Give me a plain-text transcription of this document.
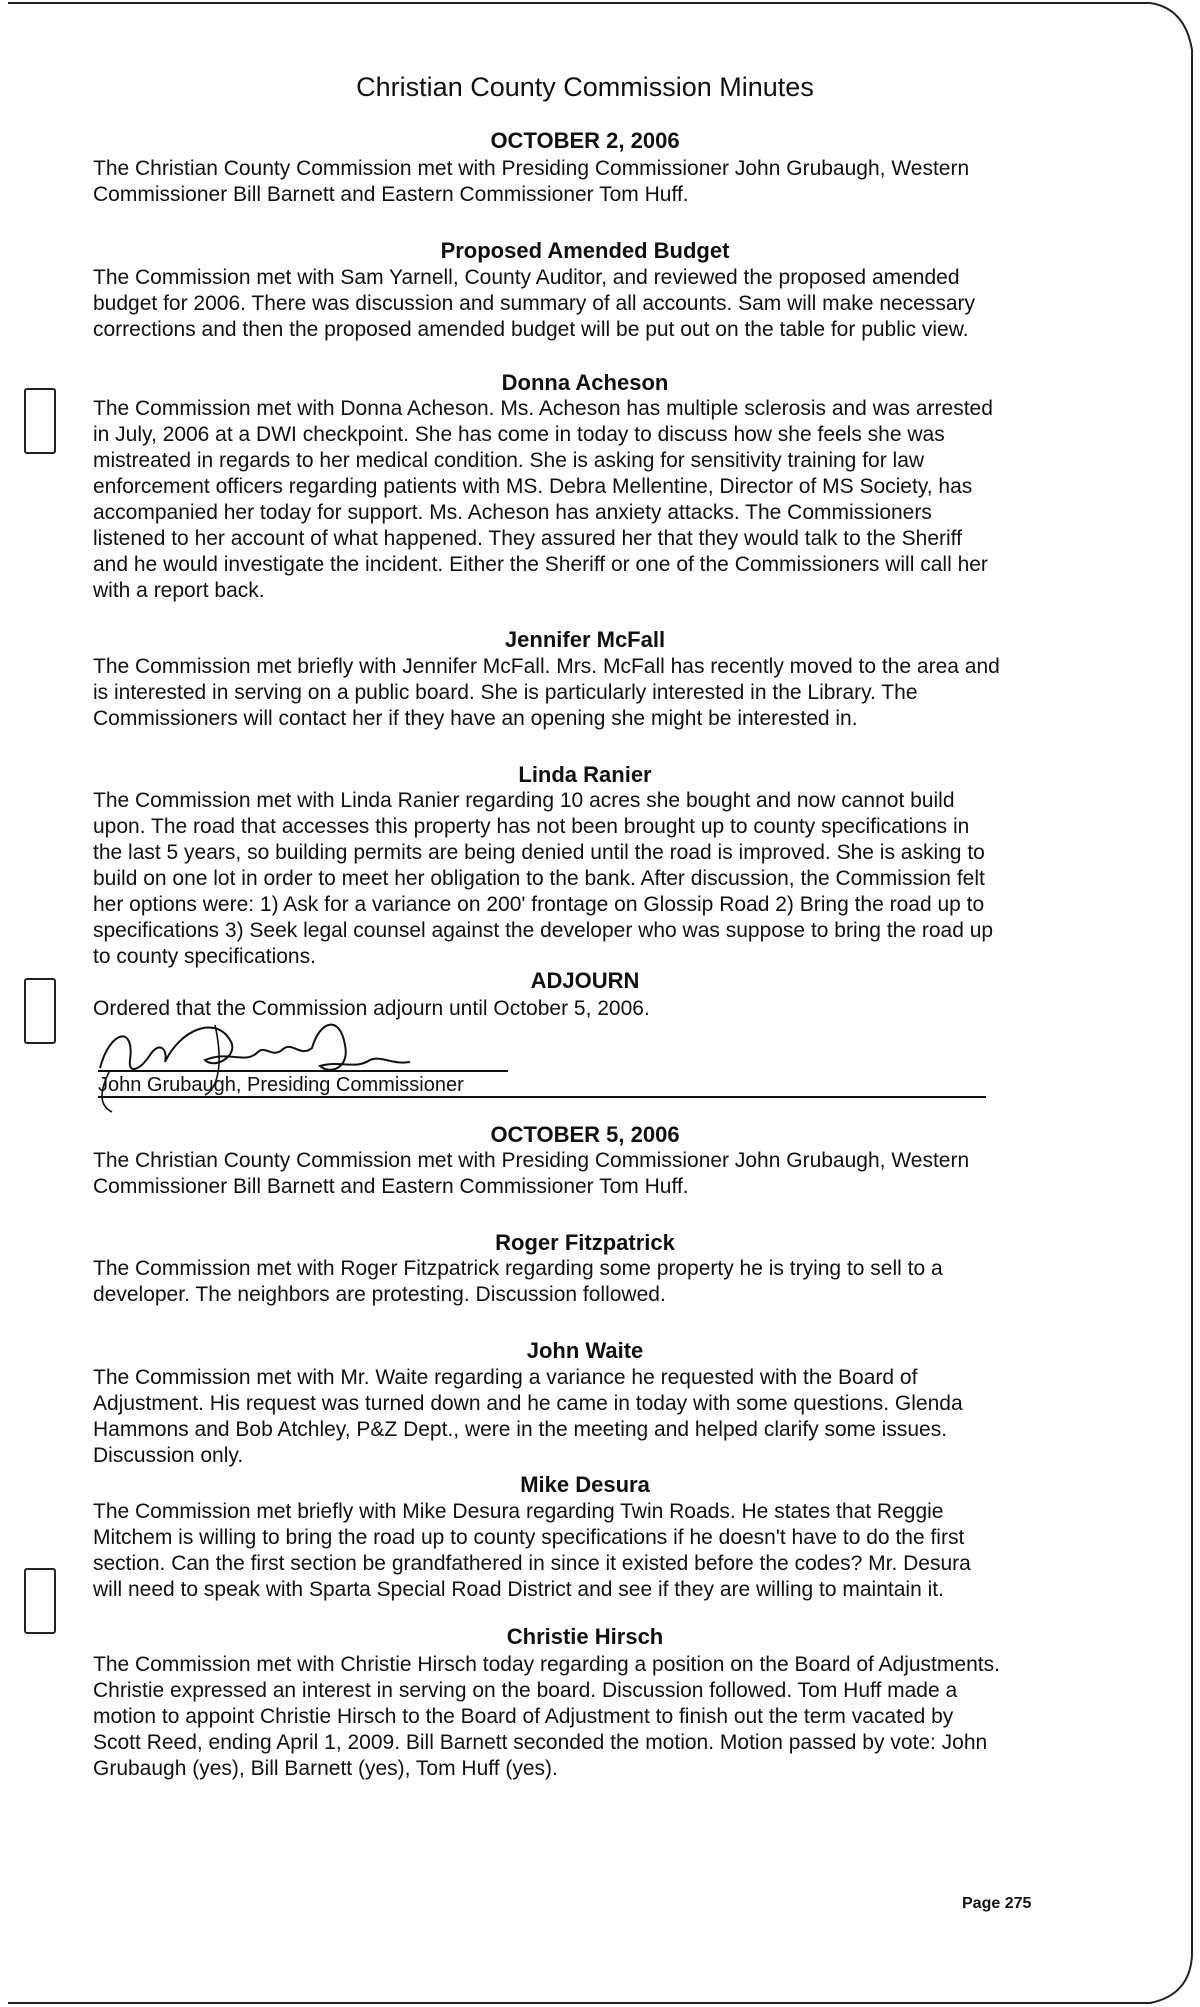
Christian County Commission Minutes
OCTOBER 2, 2006
The Christian County Commission met with Presiding Commissioner John Grubaugh, Western
Commissioner Bill Barnett and Eastern Commissioner Tom Huff.
Proposed Amended Budget
The Commission met with Sam Yarnell, County Auditor, and reviewed the proposed amended
budget for 2006. There was discussion and summary of all accounts. Sam will make necessary
corrections and then the proposed amended budget will be put out on the table for public view.
Donna Acheson
The Commission met with Donna Acheson. Ms. Acheson has multiple sclerosis and was arrested
in July, 2006 at a DWI checkpoint. She has come in today to discuss how she feels she was
mistreated in regards to her medical condition. She is asking for sensitivity training for law
enforcement officers regarding patients with MS. Debra Mellentine, Director of MS Society, has
accompanied her today for support. Ms. Acheson has anxiety attacks. The Commissioners
listened to her account of what happened. They assured her that they would talk to the Sheriff
and he would investigate the incident. Either the Sheriff or one of the Commissioners will call her
with a report back.
Jennifer McFall
The Commission met briefly with Jennifer McFall. Mrs. McFall has recently moved to the area and
is interested in serving on a public board. She is particularly interested in the Library. The
Commissioners will contact her if they have an opening she might be interested in.
Linda Ranier
The Commission met with Linda Ranier regarding 10 acres she bought and now cannot build
upon. The road that accesses this property has not been brought up to county specifications in
the last 5 years, so building permits are being denied until the road is improved. She is asking to
build on one lot in order to meet her obligation to the bank. After discussion, the Commission felt
her options were: 1) Ask for a variance on 200' frontage on Glossip Road 2) Bring the road up to
specifications 3) Seek legal counsel against the developer who was suppose to bring the road up
to county specifications.
ADJOURN
Ordered that the Commission adjourn until October 5, 2006.
John Grubaugh, Presiding Commissioner
OCTOBER 5, 2006
The Christian County Commission met with Presiding Commissioner John Grubaugh, Western
Commissioner Bill Barnett and Eastern Commissioner Tom Huff.
Roger Fitzpatrick
The Commission met with Roger Fitzpatrick regarding some property he is trying to sell to a
developer. The neighbors are protesting. Discussion followed.
John Waite
The Commission met with Mr. Waite regarding a variance he requested with the Board of
Adjustment. His request was turned down and he came in today with some questions. Glenda
Hammons and Bob Atchley, P&Z Dept., were in the meeting and helped clarify some issues.
Discussion only.
Mike Desura
The Commission met briefly with Mike Desura regarding Twin Roads. He states that Reggie
Mitchem is willing to bring the road up to county specifications if he doesn't have to do the first
section. Can the first section be grandfathered in since it existed before the codes? Mr. Desura
will need to speak with Sparta Special Road District and see if they are willing to maintain it.
Christie Hirsch
The Commission met with Christie Hirsch today regarding a position on the Board of Adjustments.
Christie expressed an interest in serving on the board. Discussion followed. Tom Huff made a
motion to appoint Christie Hirsch to the Board of Adjustment to finish out the term vacated by
Scott Reed, ending April 1, 2009. Bill Barnett seconded the motion. Motion passed by vote: John
Grubaugh (yes), Bill Barnett (yes), Tom Huff (yes).
Page 275
